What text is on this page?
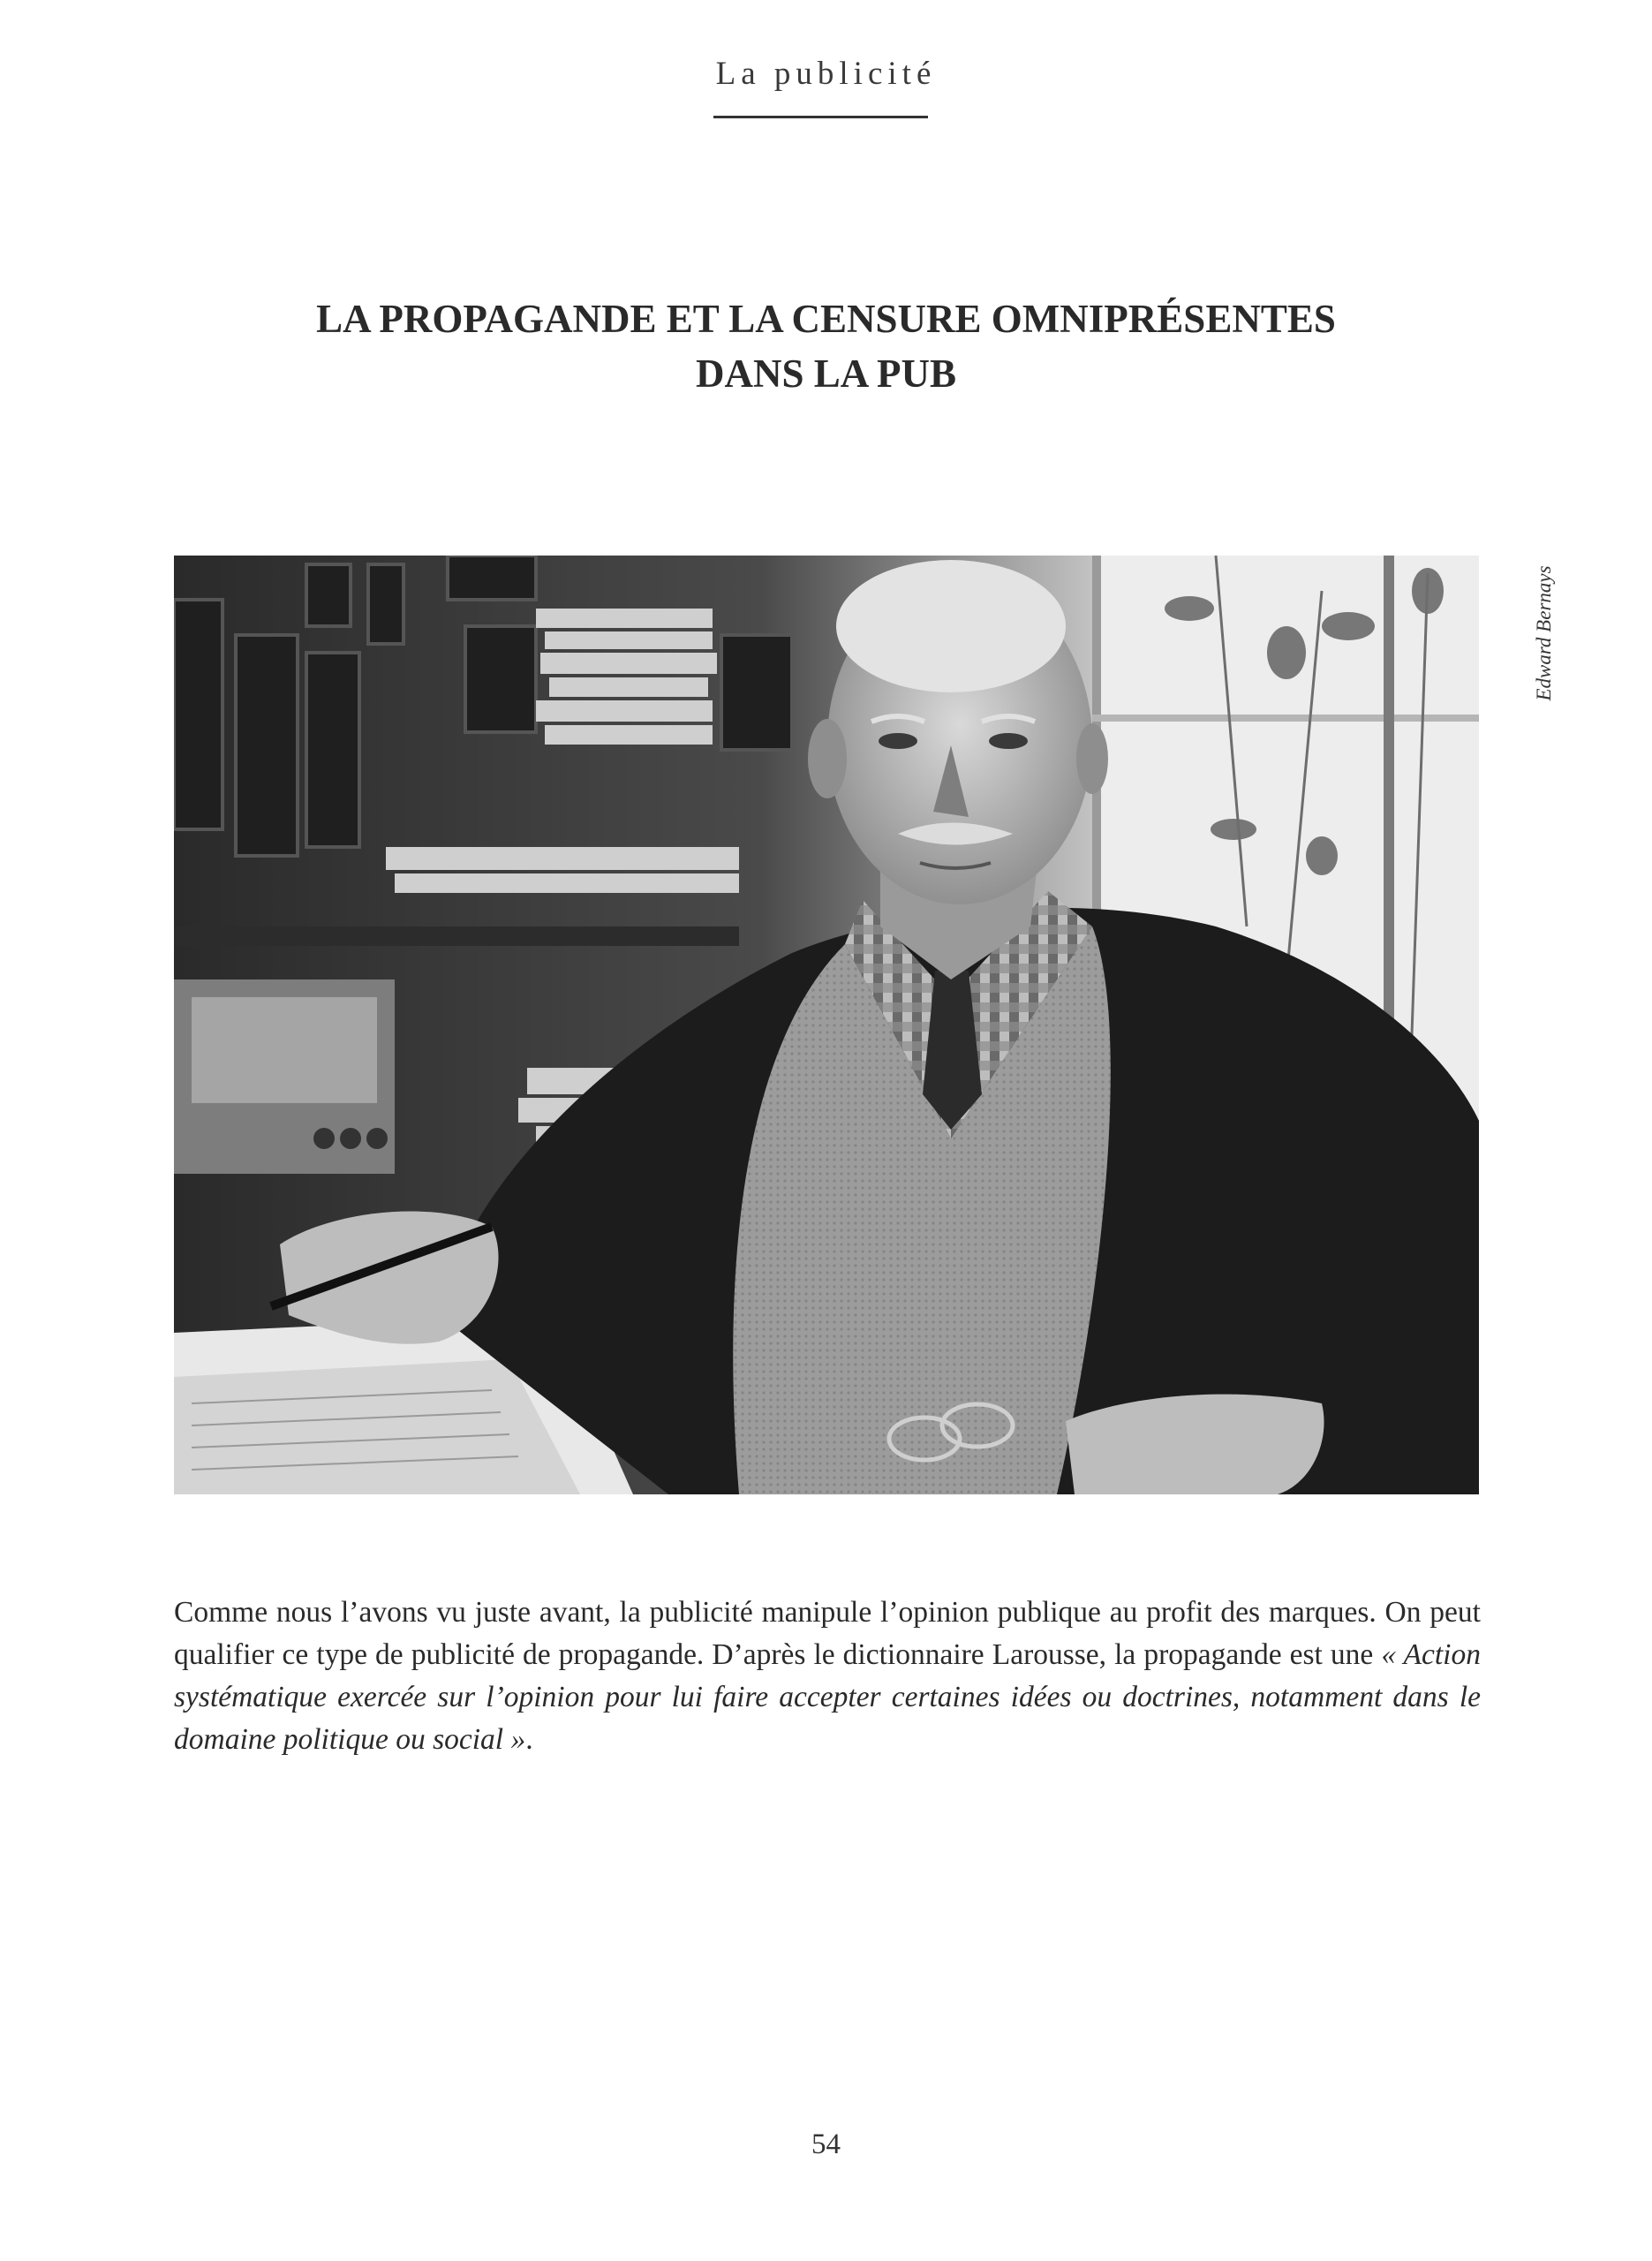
La publicité
LA PROPAGANDE ET LA CENSURE OMNIPRÉSENTES
DANS LA PUB
Edward Bernays

Comme nous l’avons vu juste avant, la publicité manipule l’opinion publique au profit des marques. On peut qualifier ce type de publicité de propagande. D’après le dictionnaire Larousse, la propagande est une « Action systématique exercée sur l’opinion pour lui faire accepter certaines idées ou doctrines, notamment dans le domaine politique ou social ».

54
